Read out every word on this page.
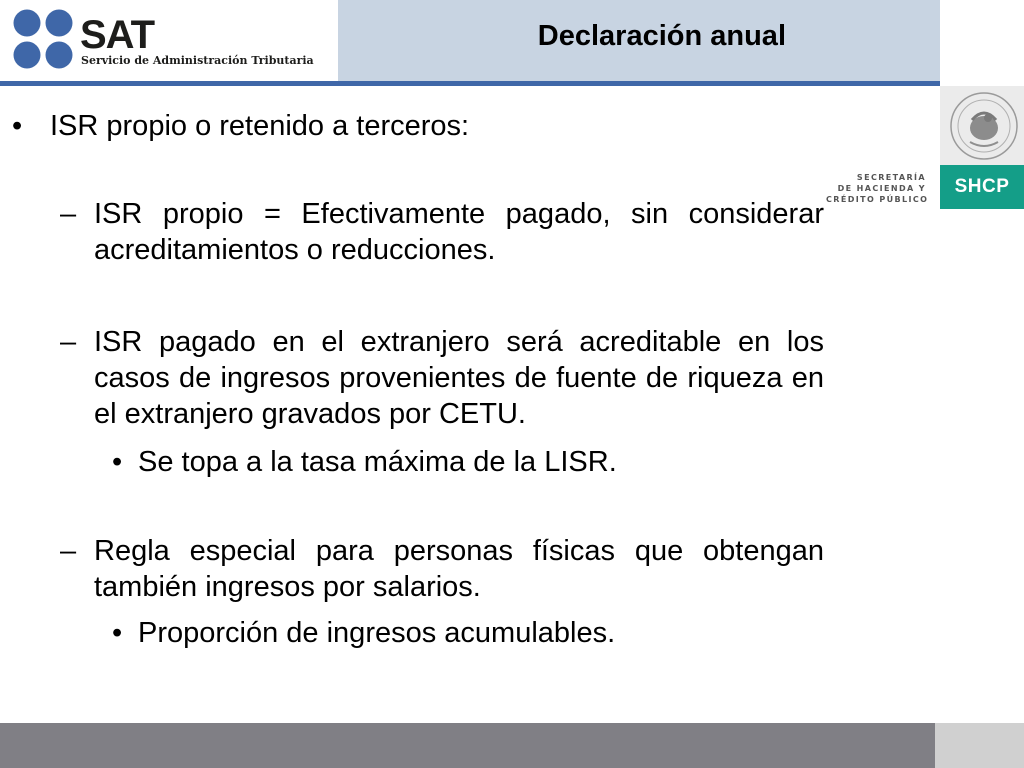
SAT
Servicio de Administración Tributaria
Declaración anual
SECRETARÍA
DE HACIENDA Y
CRÉDITO PÚBLICO
SHCP
• ISR propio o retenido a terceros:
– ISR propio = Efectivamente pagado, sin considerar acreditamientos o reducciones.
– ISR pagado en el extranjero será acreditable en los casos de ingresos provenientes de fuente de riqueza en el extranjero gravados por CETU.
• Se topa a la tasa máxima de la LISR.
– Regla especial para personas físicas que obtengan también ingresos por salarios.
• Proporción de ingresos acumulables.
